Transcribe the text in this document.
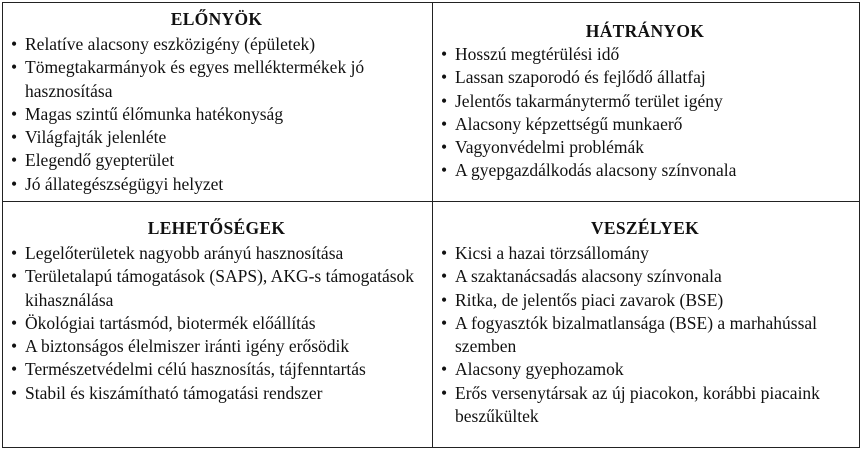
ELŐNYÖK
• Relatíve alacsony eszközigény (épületek)
• Tömegtakarmányok és egyes melléktermékek jó hasznosítása
• Magas szintű élőmunka hatékonyság
• Világfajták jelenléte
• Elegendő gyepterület
• Jó állategészségügyi helyzet
HÁTRÁNYOK
• Hosszú megtérülési idő
• Lassan szaporodó és fejlődő állatfaj
• Jelentős takarmánytermő terület igény
• Alacsony képzettségű munkaerő
• Vagyonvédelmi problémák
• A gyepgazdálkodás alacsony színvonala
LEHETŐSÉGEK
• Legelőterületek nagyobb arányú hasznosítása
• Területalapú támogatások (SAPS), AKG-s támogatások kihasználása
• Ökológiai tartásmód, biotermék előállítás
• A biztonságos élelmiszer iránti igény erősödik
• Természetvédelmi célú hasznosítás, tájfenntartás
• Stabil és kiszámítható támogatási rendszer
VESZÉLYEK
• Kicsi a hazai törzsállomány
• A szaktanácsadás alacsony színvonala
• Ritka, de jelentős piaci zavarok (BSE)
• A fogyasztók bizalmatlansága (BSE) a marhahússal szemben
• Alacsony gyephozamok
• Erős versenytársak az új piacokon, korábbi piacaink beszűkültek
